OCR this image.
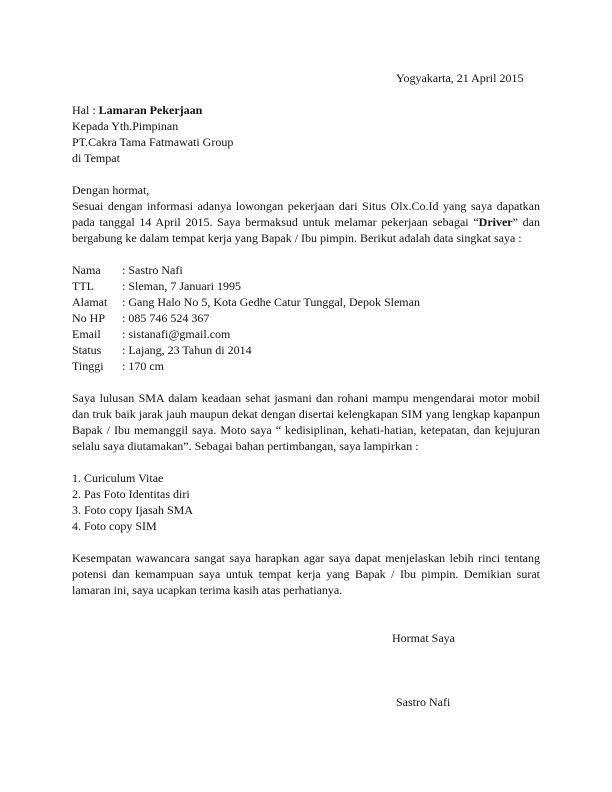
Yogyakarta, 21 April 2015
Hal : Lamaran Pekerjaan
Kepada Yth.Pimpinan
PT.Cakra Tama Fatmawati Group
di Tempat
Dengan hormat,
Sesuai dengan informasi adanya lowongan pekerjaan dari Situs Olx.Co.Id yang saya dapatkan
pada tanggal 14 April 2015. Saya bermaksud untuk melamar pekerjaan sebagai “Driver” dan
bergabung ke dalam tempat kerja yang Bapak / Ibu pimpin. Berikut adalah data singkat saya :
Nama : Sastro Nafi
TTL : Sleman, 7 Januari 1995
Alamat : Gang Halo No 5, Kota Gedhe Catur Tunggal, Depok Sleman
No HP : 085 746 524 367
Email : sistanafi@gmail.com
Status : Lajang, 23 Tahun di 2014
Tinggi : 170 cm
Saya lulusan SMA dalam keadaan sehat jasmani dan rohani mampu mengendarai motor mobil
dan truk baik jarak jauh maupun dekat dengan disertai kelengkapan SIM yang lengkap kapanpun
Bapak / Ibu memanggil saya. Moto saya “ kedisiplinan, kehati-hatian, ketepatan, dan kejujuran
selalu saya diutamakan”. Sebagai bahan pertimbangan, saya lampirkan :
1. Curiculum Vitae
2. Pas Foto Identitas diri
3. Foto copy Ijasah SMA
4. Foto copy SIM
Kesempatan wawancara sangat saya harapkan agar saya dapat menjelaskan lebih rinci tentang
potensi dan kemampuan saya untuk tempat kerja yang Bapak / Ibu pimpin. Demikian surat
lamaran ini, saya ucapkan terima kasih atas perhatianya.
Hormat Saya
Sastro Nafi
